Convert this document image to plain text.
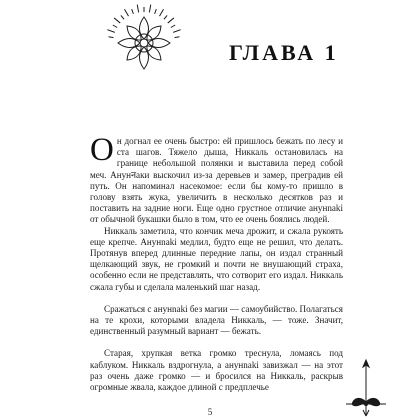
ГЛАВА 1

Он догнал ее очень быстро: ей пришлось бежать по лесу и ста шагов. Тяжело дыша, Никкаль остановилась на границе небольшой полянки и выставила перед собой меч. Анунनаки выскочил из-за деревьев и замер, преградив ей путь. Он напоминал насекомое: если бы кому-то пришло в голову взять жука, увеличить в несколько десятков раз и поставить на задние ноги. Еще одно грустное отличие анунnaki от обычной букашки было в том, что ее очень боялись людей.

Никкаль заметила, что кончик меча дрожит, и сжала рукоять еще крепче. Анунnaki медлил, будто еще не решил, что делать. Протянув вперед длинные передние лапы, он издал странный щелкающий звук, не громкий и почти не внушающий страха, особенно если не представлять, что сотворит его издал. Никкаль сжала губы и сделала маленький шаг назад.

Сражаться с анунnaki без магии — самоубийство. Полагаться на те крохи, которыми владела Никкаль, — тоже. Значит, единственный разумный вариант — бежать.

Старая, хрупкая ветка громко треснула, ломаясь под каблуком. Никкаль вздрогнула, а анунnaki завизжал — на этот раз очень даже громко — и бросился на Никкаль, раскрыв огромные жвала, каждое длиной с предплечье

5
